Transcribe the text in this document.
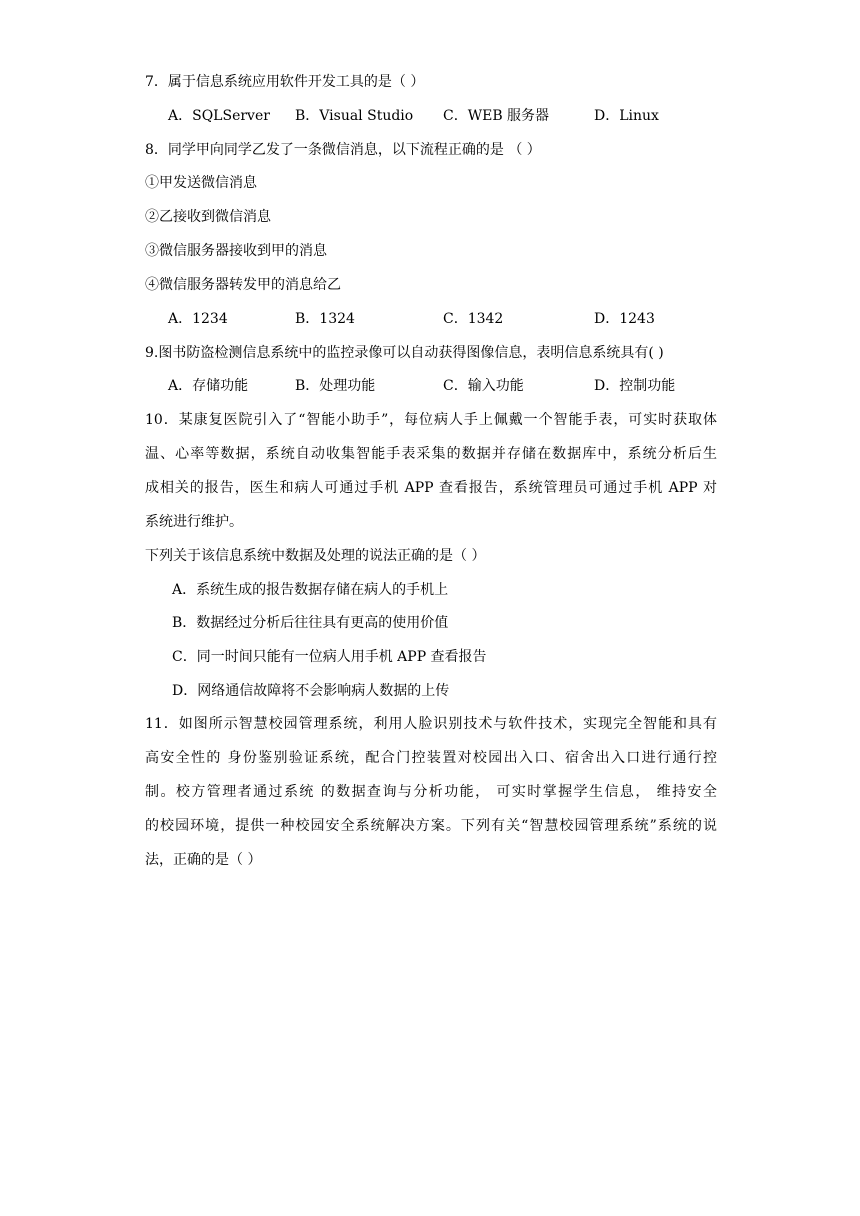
7．属于信息系统应用软件开发工具的是（ ）
A．SQLServer B．Visual Studio C．WEB 服务器	D．Linux
8．同学甲向同学乙发了一条微信消息，以下流程正确的是 （ ）
①甲发送微信消息
②乙接收到微信消息
③微信服务器接收到甲的消息
④微信服务器转发甲的消息给乙
A．1234	B．1324	C．1342	D．1243
9.图书防盗检测信息系统中的监控录像可以自动获得图像信息，表明信息系统具有( )
A．存储功能	B．处理功能	C．输入功能	D．控制功能
10．某康复医院引入了“智能小助手”，每位病人手上佩戴一个智能手表，可实时获取体
温、心率等数据，系统自动收集智能手表采集的数据并存储在数据库中，系统分析后生
成相关的报告，医生和病人可通过手机 APP 查看报告，系统管理员可通过手机 APP 对
系统进行维护。
下列关于该信息系统中数据及处理的说法正确的是（ ）
A．系统生成的报告数据存储在病人的手机上
B．数据经过分析后往往具有更高的使用价值
C．同一时间只能有一位病人用手机 APP 查看报告
D．网络通信故障将不会影响病人数据的上传
11．如图所示智慧校园管理系统，利用人脸识别技术与软件技术，实现完全智能和具有
高安全性的 身份鉴别验证系统，配合门控装置对校园出入口、宿舍出入口进行通行控
制。校方管理者通过系统 的数据查询与分析功能， 可实时掌握学生信息， 维持安全
的校园环境，提供一种校园安全系统解决方案。下列有关“智慧校园管理系统”系统的说
法，正确的是（ ）
